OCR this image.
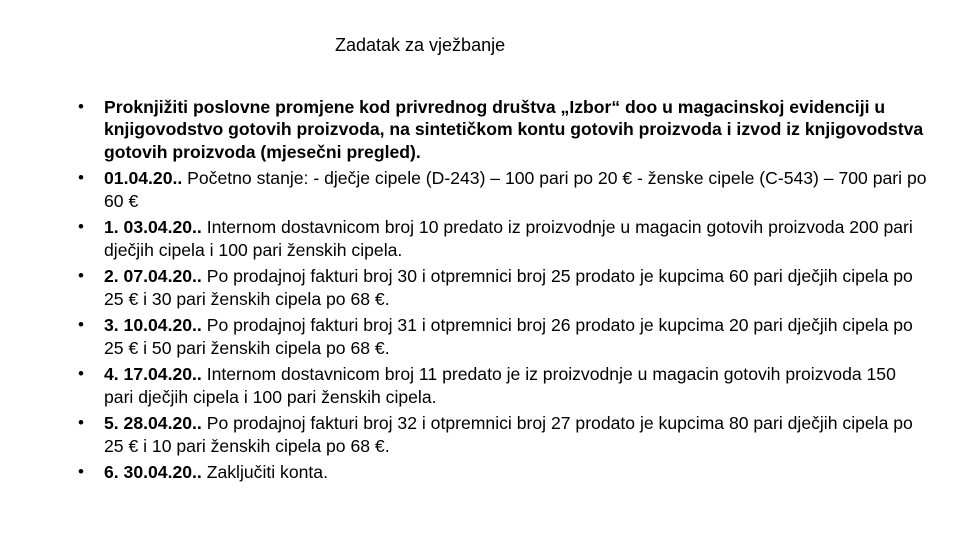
Zadatak za vježbanje
• Proknjižiti poslovne promjene kod privrednog društva „Izbor“ doo u magacinskoj evidenciji u knjigovodstvo gotovih proizvoda, na sintetičkom kontu gotovih proizvoda i izvod iz knjigovodstva gotovih proizvoda (mjesečni pregled).
• 01.04.20.. Početno stanje: - dječje cipele (D-243) – 100 pari po 20 € - ženske cipele (C-543) – 700 pari po 60 €
• 1. 03.04.20.. Internom dostavnicom broj 10 predato iz proizvodnje u magacin gotovih proizvoda 200 pari dječjih cipela i 100 pari ženskih cipela.
• 2. 07.04.20.. Po prodajnoj fakturi broj 30 i otpremnici broj 25 prodato je kupcima 60 pari dječjih cipela po 25 € i 30 pari ženskih cipela po 68 €.
• 3. 10.04.20.. Po prodajnoj fakturi broj 31 i otpremnici broj 26 prodato je kupcima 20 pari dječjih cipela po 25 € i 50 pari ženskih cipela po 68 €.
• 4. 17.04.20.. Internom dostavnicom broj 11 predato je iz proizvodnje u magacin gotovih proizvoda 150 pari dječjih cipela i 100 pari ženskih cipela.
• 5. 28.04.20.. Po prodajnoj fakturi broj 32 i otpremnici broj 27 prodato je kupcima 80 pari dječjih cipela po 25 € i 10 pari ženskih cipela po 68 €.
• 6. 30.04.20.. Zaključiti konta.
